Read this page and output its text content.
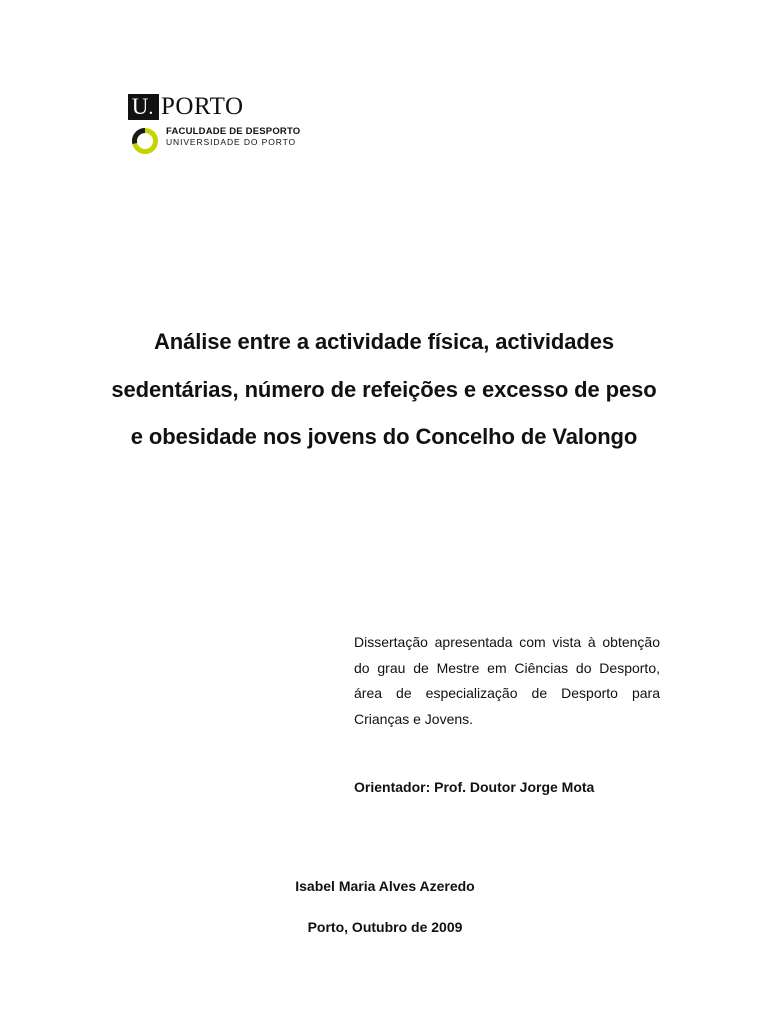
U. PORTO
FACULDADE DE DESPORTO
UNIVERSIDADE DO PORTO
Análise entre a actividade física, actividades sedentárias, número de refeições e excesso de peso e obesidade nos jovens do Concelho de Valongo

Dissertação apresentada com vista à obtenção do grau de Mestre em Ciências do Desporto, área de especialização de Desporto para Crianças e Jovens.

Orientador: Prof. Doutor Jorge Mota

Isabel Maria Alves Azeredo

Porto, Outubro de 2009
